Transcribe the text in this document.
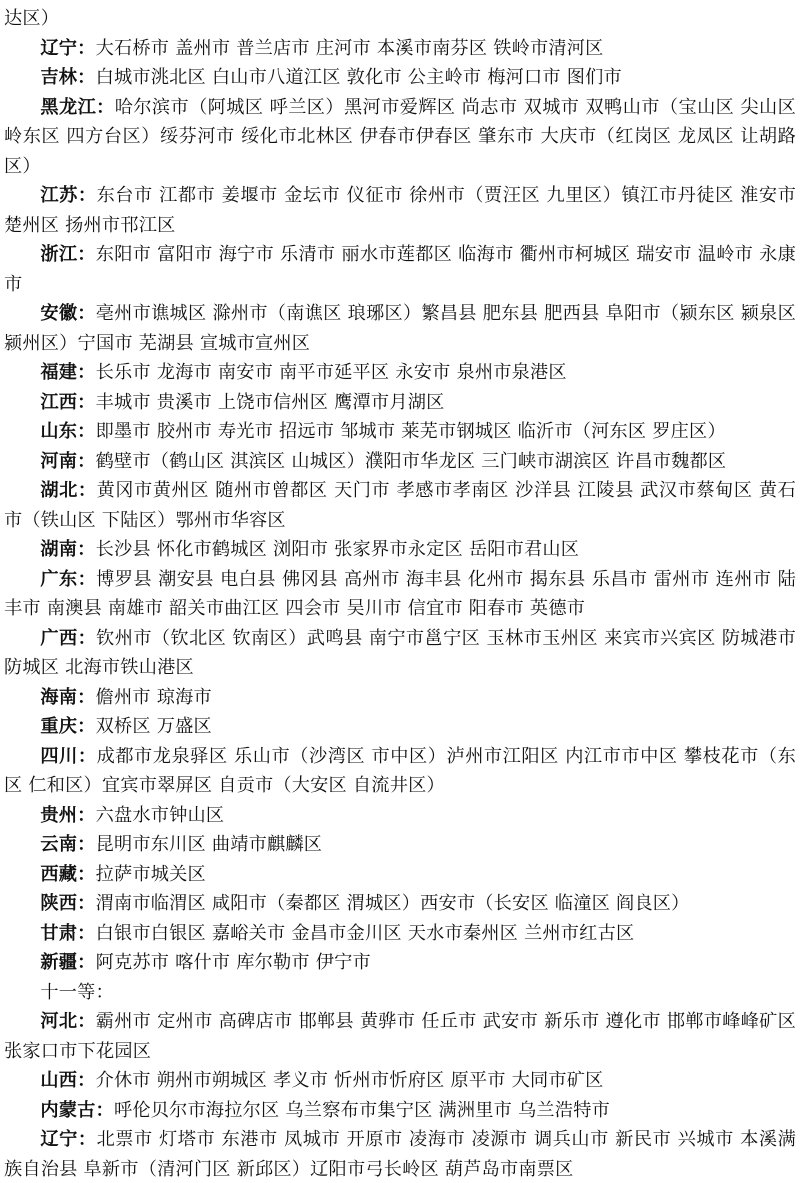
达区）

辽宁：大石桥市 盖州市 普兰店市 庄河市 本溪市南芬区 铁岭市清河区

吉林：白城市洮北区 白山市八道江区 敦化市 公主岭市 梅河口市 图们市

黑龙江：哈尔滨市（阿城区 呼兰区）黑河市爱辉区 尚志市 双城市 双鸭山市（宝山区 尖山区 岭东区 四方台区）绥芬河市 绥化市北林区 伊春市伊春区 肇东市 大庆市（红岗区 龙凤区 让胡路区）

江苏：东台市 江都市 姜堰市 金坛市 仪征市 徐州市（贾汪区 九里区）镇江市丹徒区 淮安市楚州区 扬州市邗江区

浙江：东阳市 富阳市 海宁市 乐清市 丽水市莲都区 临海市 衢州市柯城区 瑞安市 温岭市 永康市

安徽：亳州市谯城区 滁州市（南谯区 琅琊区）繁昌县 肥东县 肥西县 阜阳市（颍东区 颍泉区 颍州区）宁国市 芜湖县 宣城市宣州区

福建：长乐市 龙海市 南安市 南平市延平区 永安市 泉州市泉港区

江西：丰城市 贵溪市 上饶市信州区 鹰潭市月湖区

山东：即墨市 胶州市 寿光市 招远市 邹城市 莱芜市钢城区 临沂市（河东区 罗庄区）

河南：鹤壁市（鹤山区 淇滨区 山城区）濮阳市华龙区 三门峡市湖滨区 许昌市魏都区

湖北：黄冈市黄州区 随州市曾都区 天门市 孝感市孝南区 沙洋县 江陵县 武汉市蔡甸区 黄石市（铁山区 下陆区）鄂州市华容区

湖南：长沙县 怀化市鹤城区 浏阳市 张家界市永定区 岳阳市君山区

广东：博罗县 潮安县 电白县 佛冈县 高州市 海丰县 化州市 揭东县 乐昌市 雷州市 连州市 陆丰市 南澳县 南雄市 韶关市曲江区 四会市 吴川市 信宜市 阳春市 英德市

广西：钦州市（钦北区 钦南区）武鸣县 南宁市邕宁区 玉林市玉州区 来宾市兴宾区 防城港市防城区 北海市铁山港区

海南：儋州市 琼海市

重庆：双桥区 万盛区

四川：成都市龙泉驿区 乐山市（沙湾区 市中区）泸州市江阳区 内江市市中区 攀枝花市（东区 仁和区）宜宾市翠屏区 自贡市（大安区 自流井区）

贵州：六盘水市钟山区

云南：昆明市东川区 曲靖市麒麟区

西藏：拉萨市城关区

陕西：渭南市临渭区 咸阳市（秦都区 渭城区）西安市（长安区 临潼区 阎良区）

甘肃：白银市白银区 嘉峪关市 金昌市金川区 天水市秦州区 兰州市红古区

新疆：阿克苏市 喀什市 库尔勒市 伊宁市

十一等：

河北：霸州市 定州市 高碑店市 邯郸县 黄骅市 任丘市 武安市 新乐市 遵化市 邯郸市峰峰矿区 张家口市下花园区

山西：介休市 朔州市朔城区 孝义市 忻州市忻府区 原平市 大同市矿区

内蒙古：呼伦贝尔市海拉尔区 乌兰察布市集宁区 满洲里市 乌兰浩特市

辽宁：北票市 灯塔市 东港市 凤城市 开原市 凌海市 凌源市 调兵山市 新民市 兴城市 本溪满族自治县 阜新市（清河门区 新邱区）辽阳市弓长岭区 葫芦岛市南票区
